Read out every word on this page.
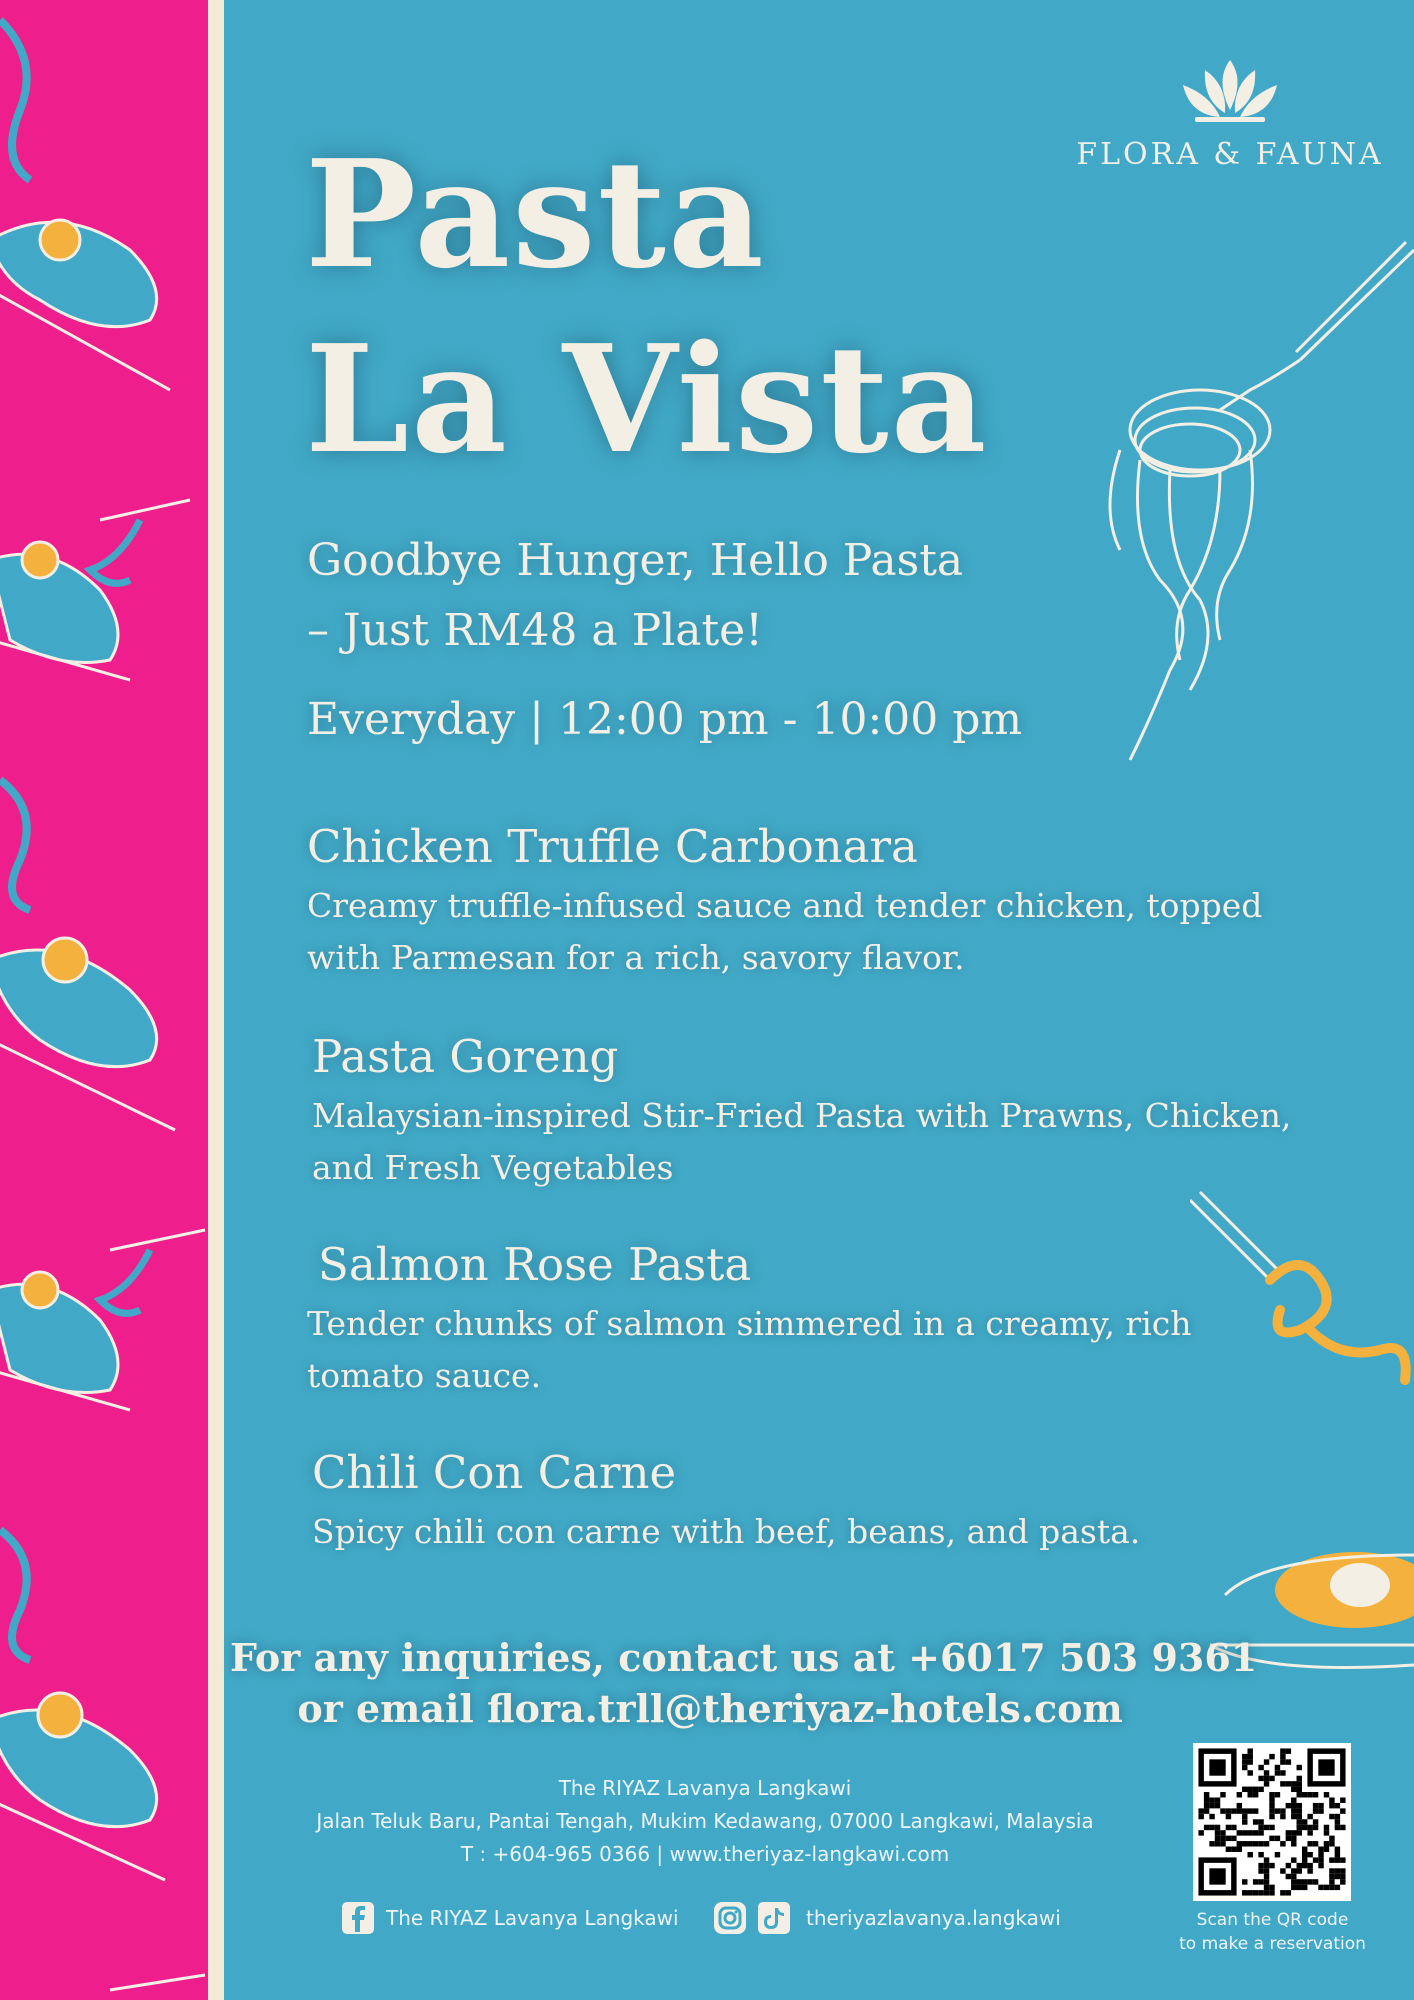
FLORA & FAUNA
Pasta
La Vista
Goodbye Hunger, Hello Pasta
– Just RM48 a Plate!
Everyday | 12:00 pm - 10:00 pm
Chicken Truffle Carbonara
Creamy truffle-infused sauce and tender chicken, topped
with Parmesan for a rich, savory flavor.
Pasta Goreng
Malaysian-inspired Stir-Fried Pasta with Prawns, Chicken,
and Fresh Vegetables
Salmon Rose Pasta
Tender chunks of salmon simmered in a creamy, rich
tomato sauce.
Chili Con Carne
Spicy chili con carne with beef, beans, and pasta.
For any inquiries, contact us at +6017 503 9361
or email flora.trll@theriyaz-hotels.com
The RIYAZ Lavanya Langkawi
Jalan Teluk Baru, Pantai Tengah, Mukim Kedawang, 07000 Langkawi, Malaysia
T : +604-965 0366 | www.theriyaz-langkawi.com
The RIYAZ Lavanya Langkawi	theriyazlavanya.langkawi	Scan the QR code
to make a reservation
